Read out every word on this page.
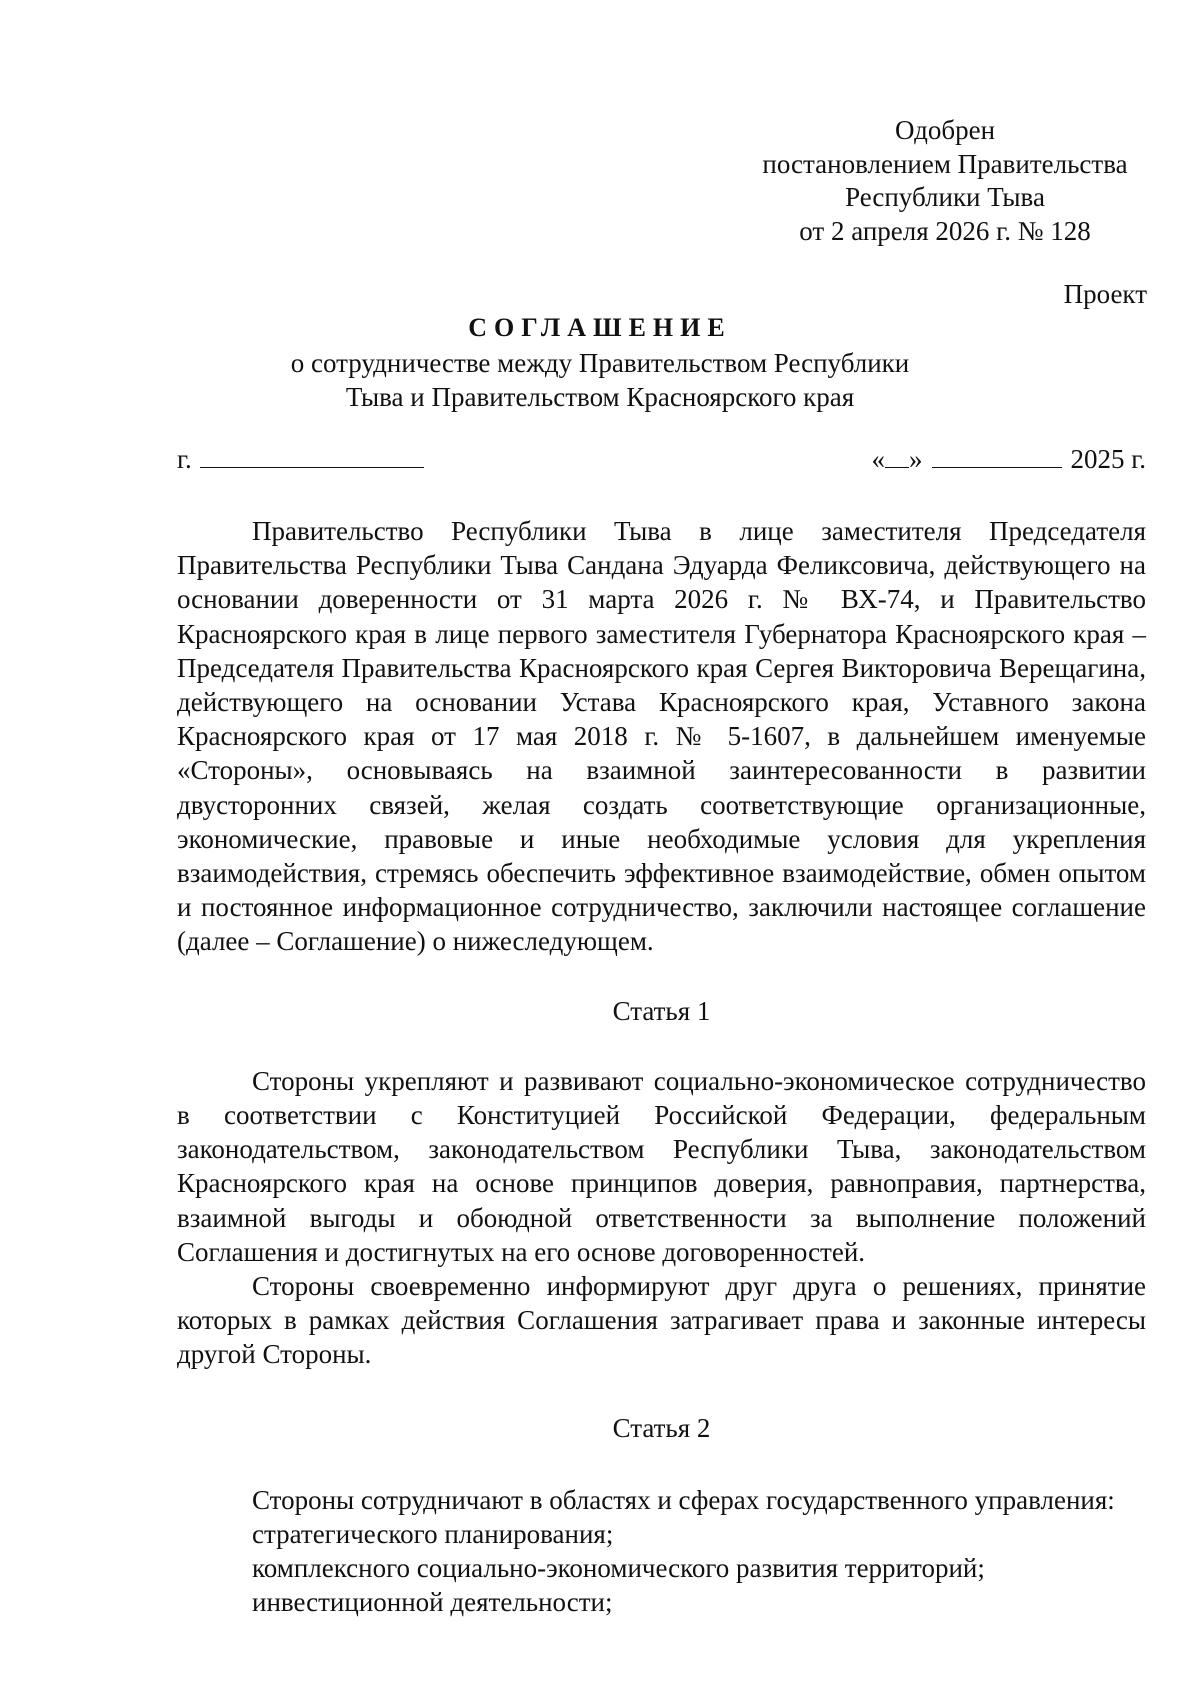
Одобрен
постановлением Правительства
Республики Тыва
от 2 апреля 2026 г. № 128
Проект
СОГЛАШЕНИЕ
о сотрудничестве между Правительством Республики
Тыва и Правительством Красноярского края
г.	« »	2025 г.

Правительство Республики Тыва в лице заместителя Председателя Правительства Республики Тыва Сандана Эдуарда Феликсовича, действующего на основании доверенности от 31 марта 2026 г. № ВХ-74, и Правительство Красноярского края в лице первого заместителя Губернатора Красноярского края – Председателя Правительства Красноярского края Сергея Викторовича Верещагина, действующего на основании Устава Красноярского края, Уставного закона Красноярского края от 17 мая 2018 г. № 5-1607, в дальнейшем именуемые «Стороны», основываясь на взаимной заинтересованности в развитии двусторонних связей, желая создать соответствующие организационные, экономические, правовые и иные необходимые условия для укрепления взаимодействия, стремясь обеспечить эффективное взаимодействие, обмен опытом и постоянное информационное сотрудничество, заключили настоящее соглашение (далее – Соглашение) о нижеследующем.

Статья 1

Стороны укрепляют и развивают социально-экономическое сотрудничество в соответствии с Конституцией Российской Федерации, федеральным законодательством, законодательством Республики Тыва, законодательством Красноярского края на основе принципов доверия, равноправия, партнерства, взаимной выгоды и обоюдной ответственности за выполнение положений Соглашения и достигнутых на его основе договоренностей.

Стороны своевременно информируют друг друга о решениях, принятие которых в рамках действия Соглашения затрагивает права и законные интересы другой Стороны.

Статья 2

Стороны сотрудничают в областях и сферах государственного управления:

стратегического планирования;

комплексного социально-экономического развития территорий;

инвестиционной деятельности;
